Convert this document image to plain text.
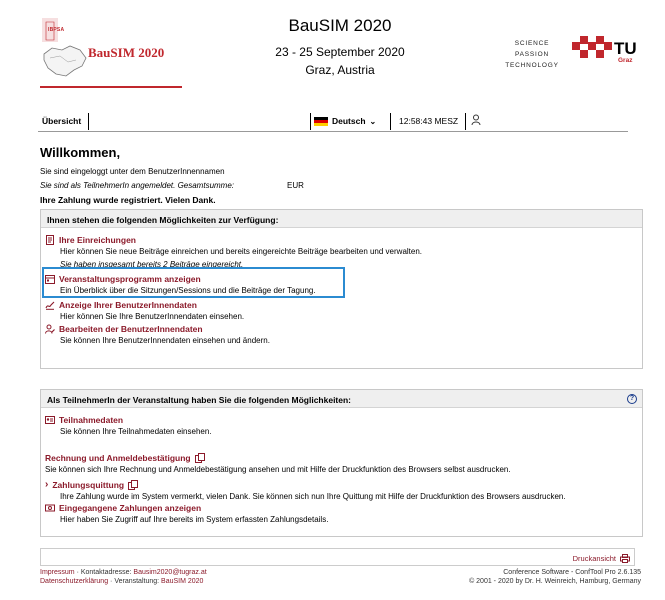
IBPSA
BauSIM 2020
BauSIM 2020
23 - 25 September 2020
Graz, Austria
SCIENCE
PASSION
TECHNOLOGY
TU
Graz
Übersicht	Deutsch ⌄	12:58:43 MESZ
Willkommen,
Sie sind eingeloggt unter dem BenutzerInnennamen
Sie sind als TeilnehmerIn angemeldet. Gesamtsumme:	EUR
Ihre Zahlung wurde registriert. Vielen Dank.
Ihnen stehen die folgenden Möglichkeiten zur Verfügung:
Ihre Einreichungen
Hier können Sie neue Beiträge einreichen und bereits eingereichte Beiträge bearbeiten und verwalten.
Sie haben insgesamt bereits 2 Beiträge eingereicht.
Veranstaltungsprogramm anzeigen
Ein Überblick über die Sitzungen/Sessions und die Beiträge der Tagung.
Anzeige Ihrer BenutzerInnendaten
Hier können Sie Ihre BenutzerInnendaten einsehen.
Bearbeiten der BenutzerInnendaten
Sie können Ihre BenutzerInnendaten einsehen und ändern.
Als TeilnehmerIn der Veranstaltung haben Sie die folgenden Möglichkeiten:	?
Teilnahmedaten
Sie können Ihre Teilnahmedaten einsehen.
Rechnung und Anmeldebestätigung
Sie können sich Ihre Rechnung und Anmeldebestätigung ansehen und mit Hilfe der Druckfunktion des Browsers selbst ausdrucken.
› Zahlungsquittung
Ihre Zahlung wurde im System vermerkt, vielen Dank. Sie können sich nun Ihre Quittung mit Hilfe der Druckfunktion des Browsers ausdrucken.
Eingegangene Zahlungen anzeigen
Hier haben Sie Zugriff auf Ihre bereits im System erfassten Zahlungsdetails.
Druckansicht
Impressum · Kontaktadresse: Bausim2020@tugraz.at
Datenschutzerklärung · Veranstaltung: BauSIM 2020
Conference Software - ConfTool Pro 2.6.135
© 2001 - 2020 by Dr. H. Weinreich, Hamburg, Germany
